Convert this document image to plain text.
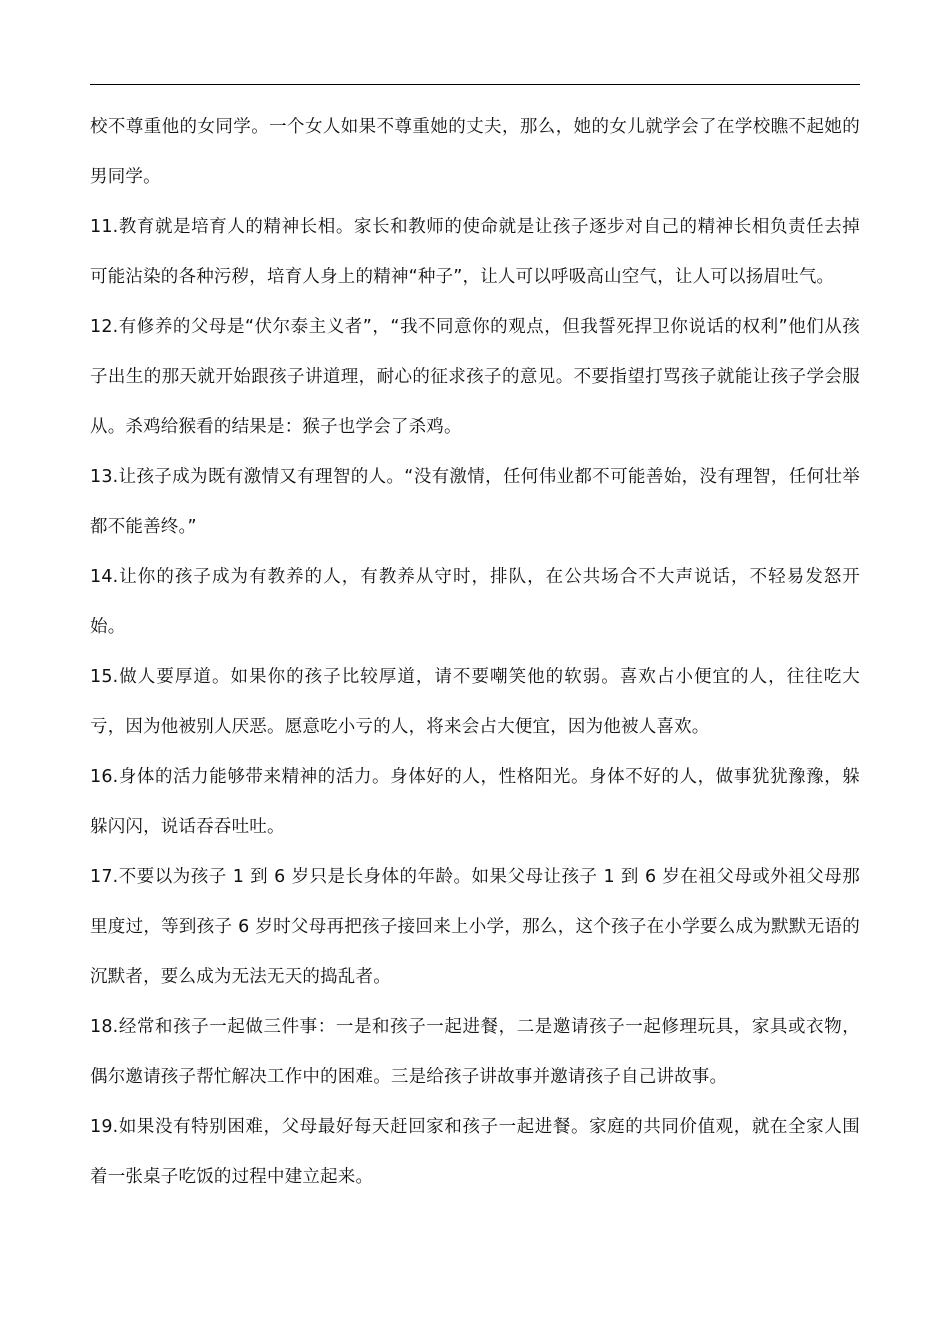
校不尊重他的女同学。一个女人如果不尊重她的丈夫，那么，她的女儿就学会了在学校瞧不起她的男同学。

11.教育就是培育人的精神长相。家长和教师的使命就是让孩子逐步对自己的精神长相负责任去掉可能沾染的各种污秽，培育人身上的精神“种子”，让人可以呼吸高山空气，让人可以扬眉吐气。

12.有修养的父母是“伏尔泰主义者”，“我不同意你的观点，但我誓死捍卫你说话的权利”他们从孩子出生的那天就开始跟孩子讲道理，耐心的征求孩子的意见。不要指望打骂孩子就能让孩子学会服从。杀鸡给猴看的结果是：猴子也学会了杀鸡。

13.让孩子成为既有激情又有理智的人。“没有激情，任何伟业都不可能善始，没有理智，任何壮举都不能善终。”

14.让你的孩子成为有教养的人，有教养从守时，排队，在公共场合不大声说话，不轻易发怒开始。

15.做人要厚道。如果你的孩子比较厚道，请不要嘲笑他的软弱。喜欢占小便宜的人，往往吃大亏，因为他被别人厌恶。愿意吃小亏的人，将来会占大便宜，因为他被人喜欢。

16.身体的活力能够带来精神的活力。身体好的人，性格阳光。身体不好的人，做事犹犹豫豫，躲躲闪闪，说话吞吞吐吐。

17.不要以为孩子 1 到 6 岁只是长身体的年龄。如果父母让孩子 1 到 6 岁在祖父母或外祖父母那里度过，等到孩子 6 岁时父母再把孩子接回来上小学，那么，这个孩子在小学要么成为默默无语的沉默者，要么成为无法无天的捣乱者。

18.经常和孩子一起做三件事：一是和孩子一起进餐，二是邀请孩子一起修理玩具，家具或衣物，偶尔邀请孩子帮忙解决工作中的困难。三是给孩子讲故事并邀请孩子自己讲故事。

19.如果没有特别困难，父母最好每天赶回家和孩子一起进餐。家庭的共同价值观，就在全家人围着一张桌子吃饭的过程中建立起来。
